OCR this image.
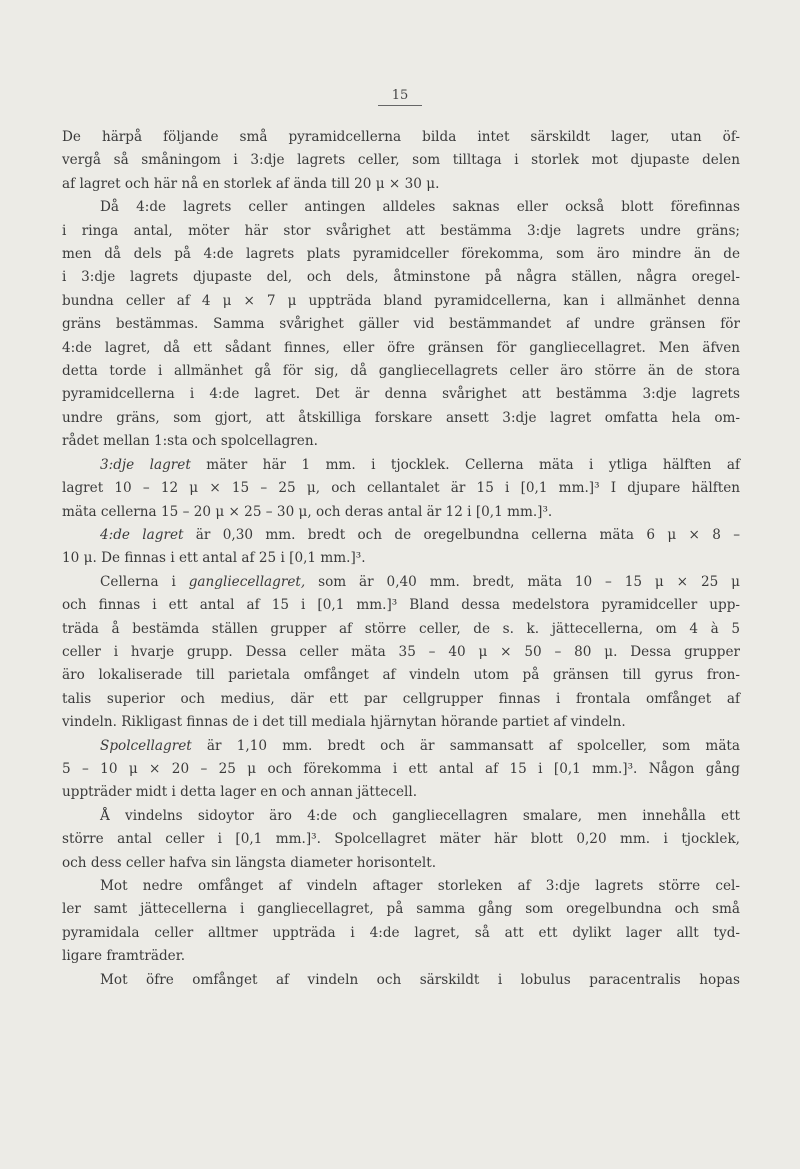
15
De härpå följande små pyramidcellerna bilda intet särskildt lager, utan öf-
vergå så småningom i 3:dje lagrets celler, som tilltaga i storlek mot djupaste delen
af lagret och här nå en storlek af ända till 20 μ × 30 μ.
Då 4:de lagrets celler antingen alldeles saknas eller också blott förefinnas
i ringa antal, möter här stor svårighet att bestämma 3:dje lagrets undre gräns;
men då dels på 4:de lagrets plats pyramidceller förekomma, som äro mindre än de
i 3:dje lagrets djupaste del, och dels, åtminstone på några ställen, några oregel-
bundna celler af 4 μ × 7 μ uppträda bland pyramidcellerna, kan i allmänhet denna
gräns bestämmas. Samma svårighet gäller vid bestämmandet af undre gränsen för
4:de lagret, då ett sådant finnes, eller öfre gränsen för gangliecellagret. Men äfven
detta torde i allmänhet gå för sig, då gangliecellagrets celler äro större än de stora
pyramidcellerna i 4:de lagret. Det är denna svårighet att bestämma 3:dje lagrets
undre gräns, som gjort, att åtskilliga forskare ansett 3:dje lagret omfatta hela om-
rådet mellan 1:sta och spolcellagren.
3:dje lagret mäter här 1 mm. i tjocklek. Cellerna mäta i ytliga hälften af
lagret 10 – 12 μ × 15 – 25 μ, och cellantalet är 15 i [0,1 mm.]³ I djupare hälften
mäta cellerna 15 – 20 μ × 25 – 30 μ, och deras antal är 12 i [0,1 mm.]³.
4:de lagret är 0,30 mm. bredt och de oregelbundna cellerna mäta 6 μ × 8 –
10 μ. De finnas i ett antal af 25 i [0,1 mm.]³.
Cellerna i gangliecellagret, som är 0,40 mm. bredt, mäta 10 – 15 μ × 25 μ
och finnas i ett antal af 15 i [0,1 mm.]³ Bland dessa medelstora pyramidceller upp-
träda å bestämda ställen grupper af större celler, de s. k. jättecellerna, om 4 à 5
celler i hvarje grupp. Dessa celler mäta 35 – 40 μ × 50 – 80 μ. Dessa grupper
äro lokaliserade till parietala omfånget af vindeln utom på gränsen till gyrus fron-
talis superior och medius, där ett par cellgrupper finnas i frontala omfånget af
vindeln. Rikligast finnas de i det till mediala hjärnytan hörande partiet af vindeln.
Spolcellagret är 1,10 mm. bredt och är sammansatt af spolceller, som mäta
5 – 10 μ × 20 – 25 μ och förekomma i ett antal af 15 i [0,1 mm.]³. Någon gång
uppträder midt i detta lager en och annan jättecell.
Å vindelns sidoytor äro 4:de och gangliecellagren smalare, men innehålla ett
större antal celler i [0,1 mm.]³. Spolcellagret mäter här blott 0,20 mm. i tjocklek,
och dess celler hafva sin längsta diameter horisontelt.
Mot nedre omfånget af vindeln aftager storleken af 3:dje lagrets större cel-
ler samt jättecellerna i gangliecellagret, på samma gång som oregelbundna och små
pyramidala celler alltmer uppträda i 4:de lagret, så att ett dylikt lager allt tyd-
ligare framträder.
Mot öfre omfånget af vindeln och särskildt i lobulus paracentralis hopas
